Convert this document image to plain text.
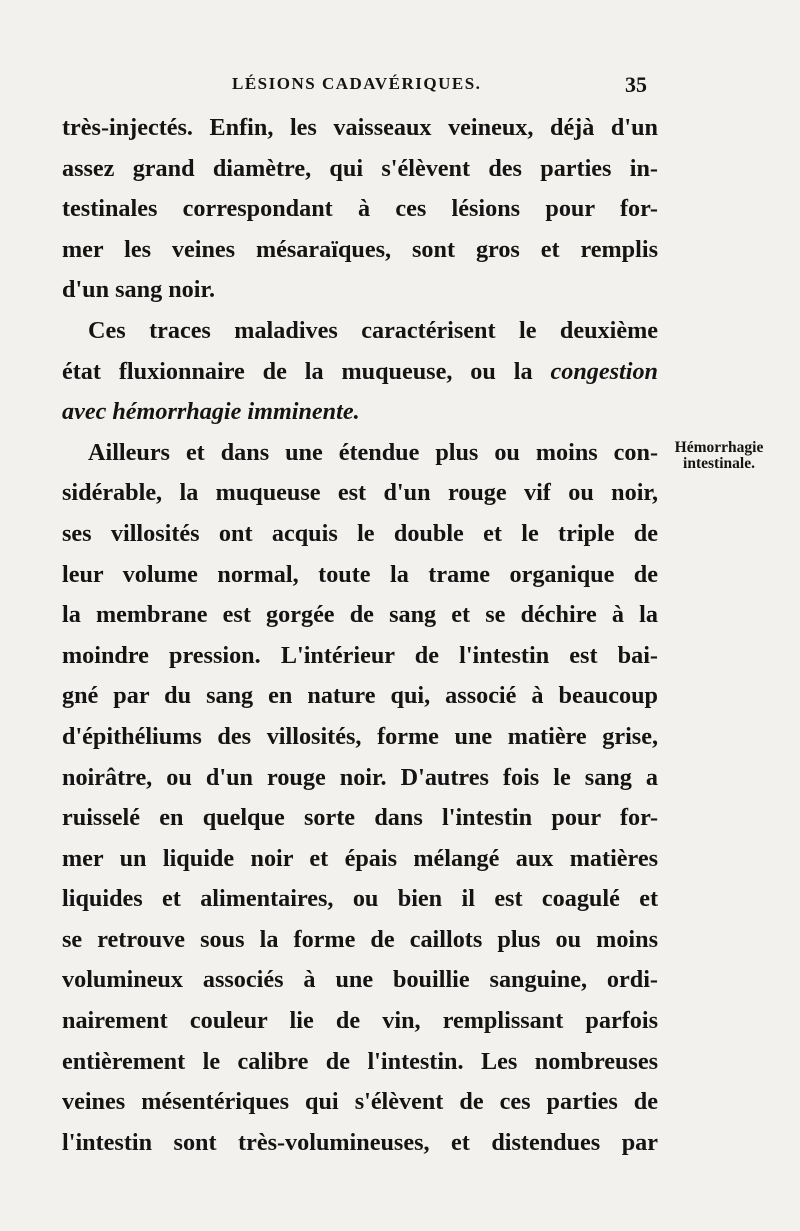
LÉSIONS CADAVÉRIQUES.	35
très-injectés. Enfin, les vaisseaux veineux, déjà d'un
assez grand diamètre, qui s'élèvent des parties in-
testinales correspondant à ces lésions pour for-
mer les veines mésaraïques, sont gros et remplis
d'un sang noir.
Ces traces maladives caractérisent le deuxième
état fluxionnaire de la muqueuse, ou la congestion
avec hémorrhagie imminente.
Ailleurs et dans une étendue plus ou moins con-
sidérable, la muqueuse est d'un rouge vif ou noir,
ses villosités ont acquis le double et le triple de
leur volume normal, toute la trame organique de
la membrane est gorgée de sang et se déchire à la
moindre pression. L'intérieur de l'intestin est bai-
gné par du sang en nature qui, associé à beaucoup
d'épithéliums des villosités, forme une matière grise,
noirâtre, ou d'un rouge noir. D'autres fois le sang a
ruisselé en quelque sorte dans l'intestin pour for-
mer un liquide noir et épais mélangé aux matières
liquides et alimentaires, ou bien il est coagulé et
se retrouve sous la forme de caillots plus ou moins
volumineux associés à une bouillie sanguine, ordi-
nairement couleur lie de vin, remplissant parfois
entièrement le calibre de l'intestin. Les nombreuses
veines mésentériques qui s'élèvent de ces parties de
l'intestin sont très-volumineuses, et distendues par
Hémorrhagie
intestinale.
